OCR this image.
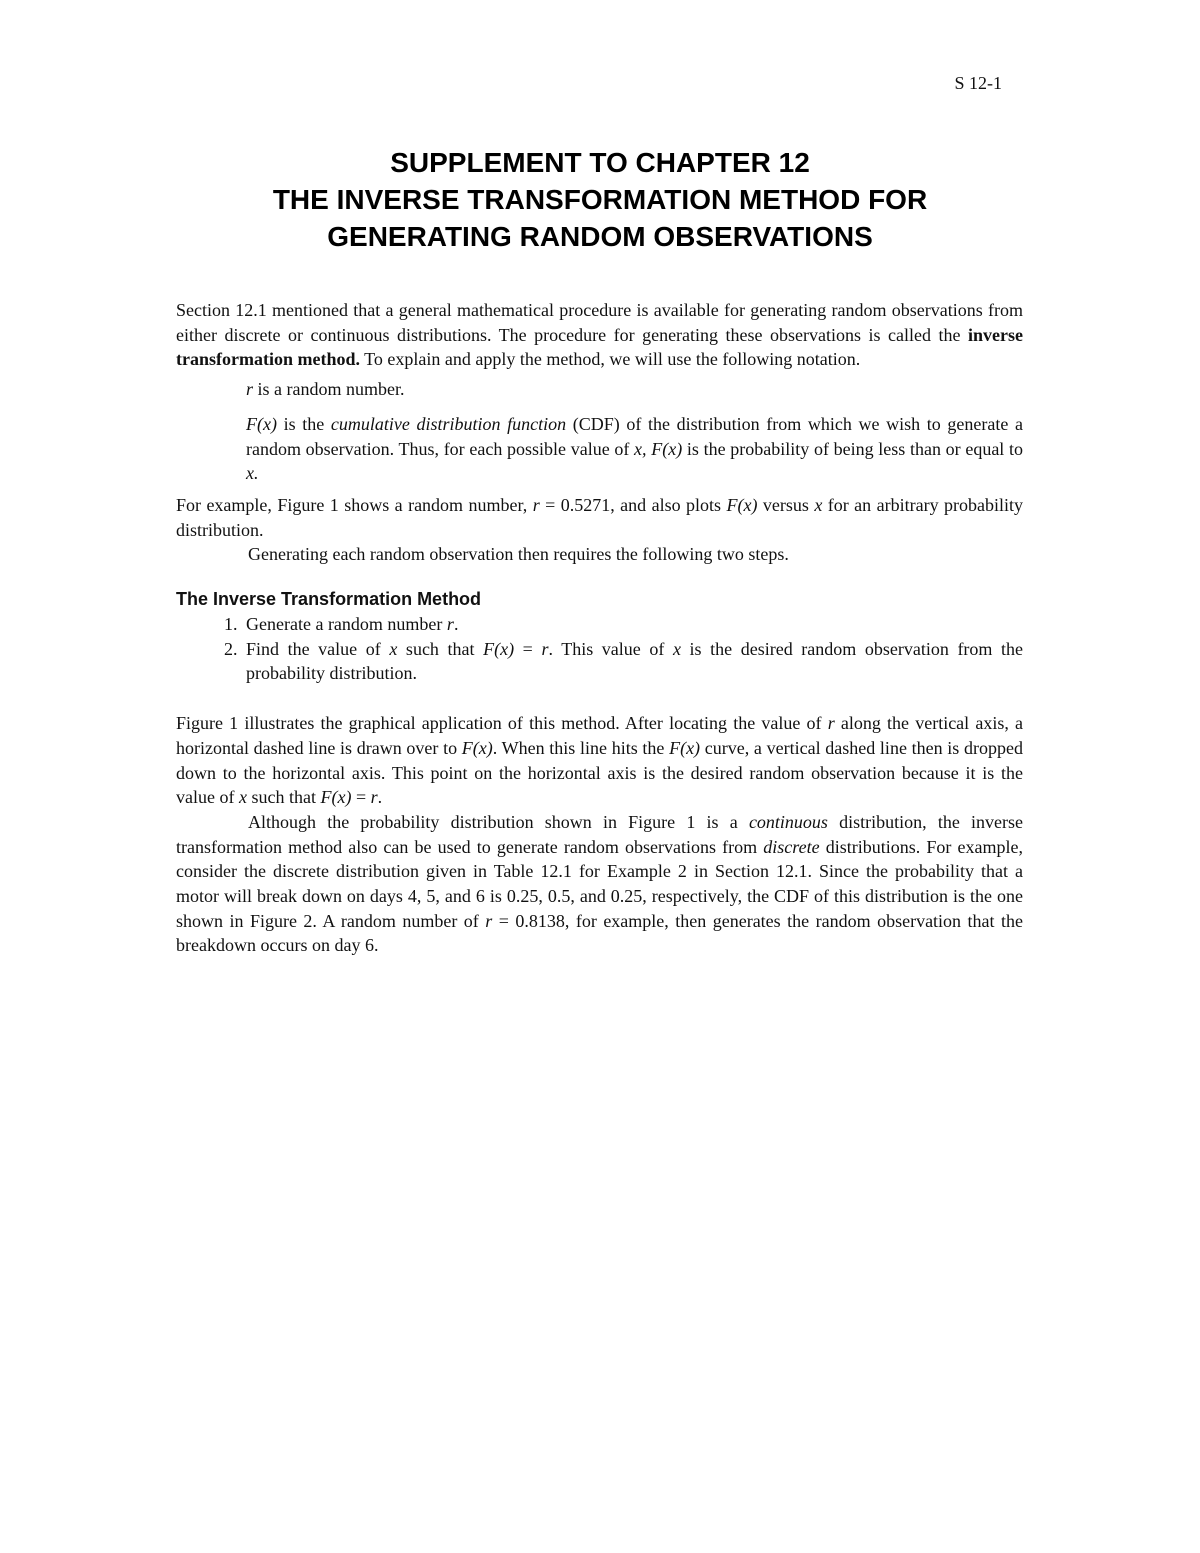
S 12-1
SUPPLEMENT TO CHAPTER 12
THE INVERSE TRANSFORMATION METHOD FOR
GENERATING RANDOM OBSERVATIONS

Section 12.1 mentioned that a general mathematical procedure is available for generating random observations from either discrete or continuous distributions. The procedure for generating these observations is called the inverse transformation method. To explain and apply the method, we will use the following notation.

r is a random number.

F(x) is the cumulative distribution function (CDF) of the distribution from which we wish to generate a random observation. Thus, for each possible value of x, F(x) is the probability of being less than or equal to x.

For example, Figure 1 shows a random number, r = 0.5271, and also plots F(x) versus x for an arbitrary probability distribution.

Generating each random observation then requires the following two steps.

The Inverse Transformation Method
1. Generate a random number r.
2. Find the value of x such that F(x) = r. This value of x is the desired random observation from the probability distribution.

Figure 1 illustrates the graphical application of this method. After locating the value of r along the vertical axis, a horizontal dashed line is drawn over to F(x). When this line hits the F(x) curve, a vertical dashed line then is dropped down to the horizontal axis. This point on the horizontal axis is the desired random observation because it is the value of x such that F(x) = r.

Although the probability distribution shown in Figure 1 is a continuous distribution, the inverse transformation method also can be used to generate random observations from discrete distributions. For example, consider the discrete distribution given in Table 12.1 for Example 2 in Section 12.1. Since the probability that a motor will break down on days 4, 5, and 6 is 0.25, 0.5, and 0.25, respectively, the CDF of this distribution is the one shown in Figure 2. A random number of r = 0.8138, for example, then generates the random observation that the breakdown occurs on day 6.
